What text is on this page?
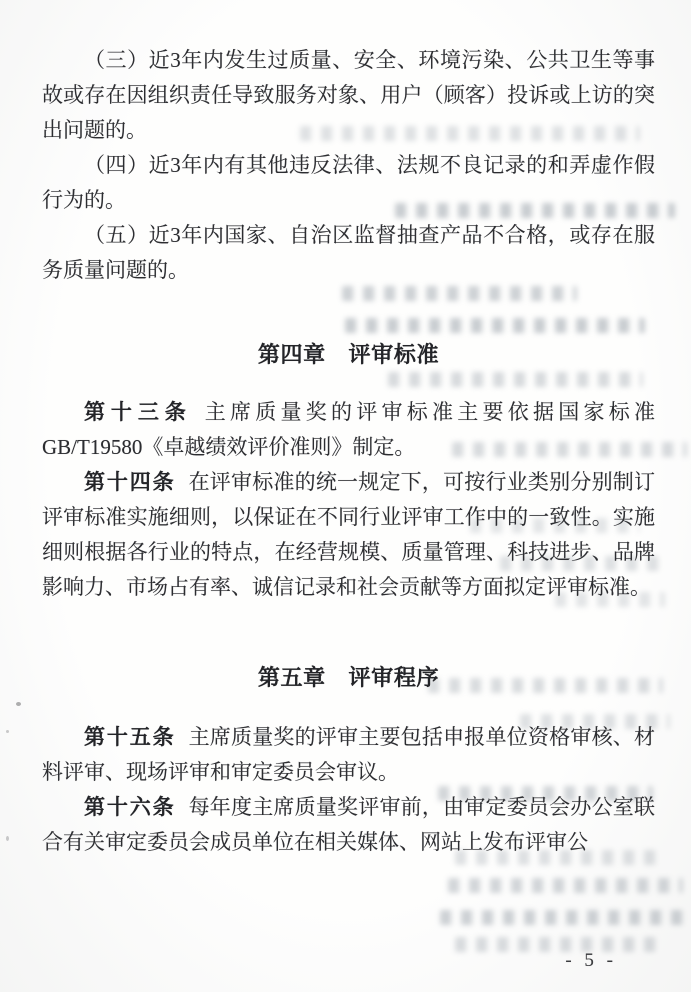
（三）近3年内发生过质量、安全、环境污染、公共卫生等事故或存在因组织责任导致服务对象、用户（顾客）投诉或上访的突出问题的。

（四）近3年内有其他违反法律、法规不良记录的和弄虚作假行为的。

（五）近3年内国家、自治区监督抽查产品不合格，或存在服务质量问题的。

第四章　评审标准

第十三条 主席质量奖的评审标准主要依据国家标准GB/T19580《卓越绩效评价准则》制定。

第十四条 在评审标准的统一规定下，可按行业类别分别制订评审标准实施细则，以保证在不同行业评审工作中的一致性。实施细则根据各行业的特点，在经营规模、质量管理、科技进步、品牌影响力、市场占有率、诚信记录和社会贡献等方面拟定评审标准。

第五章　评审程序

第十五条 主席质量奖的评审主要包括申报单位资格审核、材料评审、现场评审和审定委员会审议。

第十六条 每年度主席质量奖评审前，由审定委员会办公室联合有关审定委员会成员单位在相关媒体、网站上发布评审公

- 5 -
